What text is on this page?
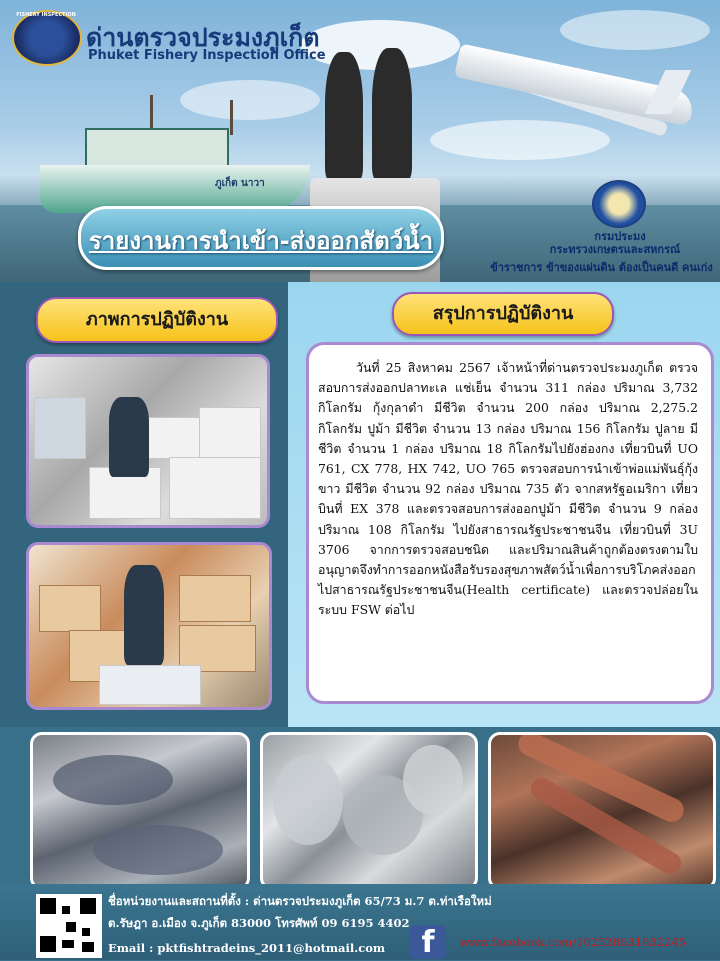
ภูเก็ต นาวา
FISHERY INSPECTION
ด่านตรวจประมงภูเก็ต
Phuket Fishery Inspection Office
รายงานการนำเข้า-ส่งออกสัตว์น้ำ	กรมประมง
กระทรวงเกษตรและสหกรณ์
ข้าราชการ ข้าของแผ่นดิน ต้องเป็นคนดี คนเก่ง
ภาพการปฏิบัติงาน	สรุปการปฏิบัติงาน
วันที่ 25 สิงหาคม 2567 เจ้าหน้าที่ด่านตรวจประมงภูเก็ต ตรวจสอบการส่งออกปลาทะเล แช่เย็น จำนวน 311 กล่อง ปริมาณ 3,732 กิโลกรัม กุ้งกุลาดำ มีชีวิต จำนวน 200 กล่อง ปริมาณ 2,275.2 กิโลกรัม ปูม้า มีชีวิต จำนวน 13 กล่อง ปริมาณ 156 กิโลกรัม ปูลาย มีชีวิต จำนวน 1 กล่อง ปริมาณ 18 กิโลกรัมไปยังฮ่องกง เที่ยวบินที่ UO 761, CX 778, HX 742, UO 765 ตรวจสอบการนำเข้าพ่อแม่พันธุ์กุ้งขาว มีชีวิต จำนวน 92 กล่อง ปริมาณ 735 ตัว จากสหรัฐอเมริกา เที่ยวบินที่ EX 378 และตรวจสอบการส่งออกปูม้า มีชีวิต จำนวน 9 กล่อง ปริมาณ 108 กิโลกรัม ไปยังสาธารณรัฐประชาชนจีน เที่ยวบินที่ 3U 3706 จากการตรวจสอบชนิด และปริมาณสินค้าถูกต้องตรงตามใบอนุญาตจึงทำการออกหนังสือรับรองสุขภาพสัตว์น้ำเพื่อการบริโภคส่งออกไปสาธารณรัฐประชาชนจีน(Health certificate) และตรวจปล่อยในระบบ FSW ต่อไป
ชื่อหน่วยงานและสถานที่ตั้ง : ด่านตรวจประมงภูเก็ต 65/73 ม.7 ต.ท่าเรือใหม่
ต.รัษฎา อ.เมือง จ.ภูเก็ต 83000 โทรศัพท์ 09 6195 4402
Email : pktfishtradeins_2011@hotmail.com	f	www.facebook.com/102528631632245
